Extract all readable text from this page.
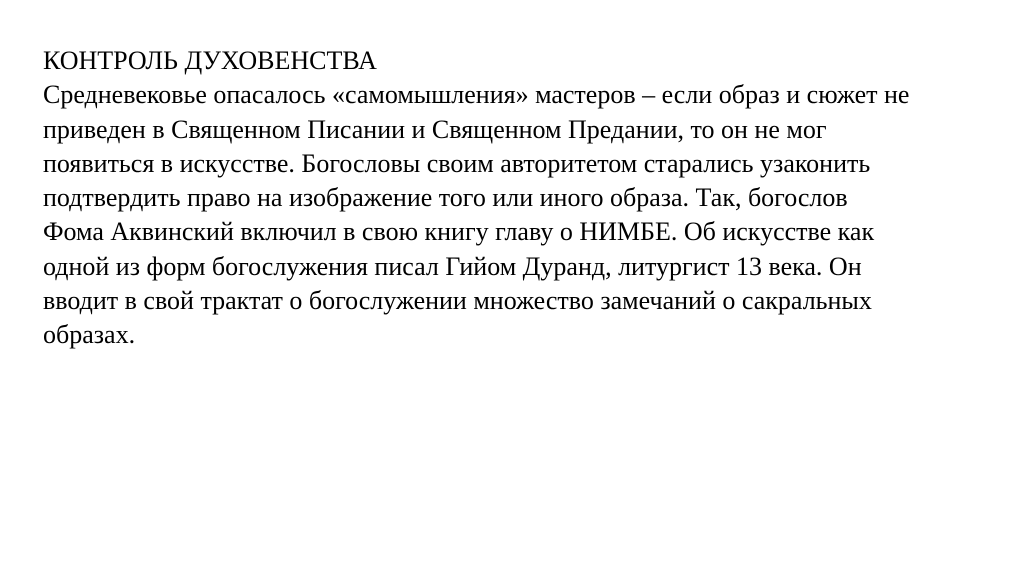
КОНТРОЛЬ ДУХОВЕНСТВА
Средневековье опасалось «самомышления» мастеров – если образ и сюжет не
приведен в Священном Писании и Священном Предании, то он не мог
появиться в искусстве. Богословы своим авторитетом старались узаконить
подтвердить право на изображение того или иного образа. Так, богослов
Фома Аквинский включил в свою книгу главу о НИМБЕ. Об искусстве как
одной из форм богослужения писал Гийом Дуранд, литургист 13 века. Он
вводит в свой трактат о богослужении множество замечаний о сакральных
образах.
